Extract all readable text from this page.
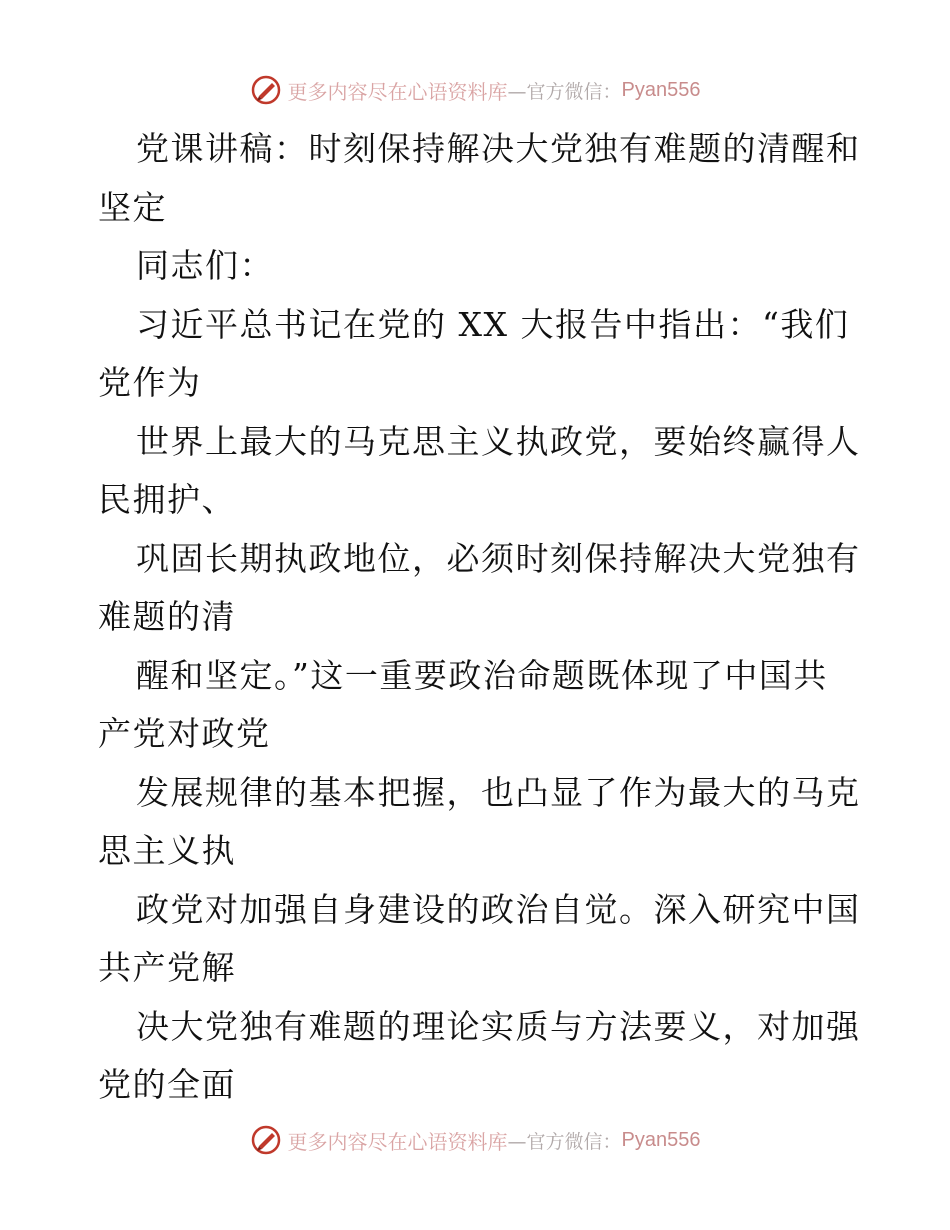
更多内容尽在心语资料库 —官方微信： Pyan556
党课讲稿：时刻保持解决大党独有难题的清醒和
坚定
同志们：
习近平总书记在党的 XX 大报告中指出：“我们
党作为
世界上最大的马克思主义执政党，要始终赢得人
民拥护、
巩固长期执政地位，必须时刻保持解决大党独有
难题的清
醒和坚定。”这一重要政治命题既体现了中国共
产党对政党
发展规律的基本把握，也凸显了作为最大的马克
思主义执
政党对加强自身建设的政治自觉。深入研究中国
共产党解
决大党独有难题的理论实质与方法要义，对加强
党的全面
更多内容尽在心语资料库 —官方微信： Pyan556
